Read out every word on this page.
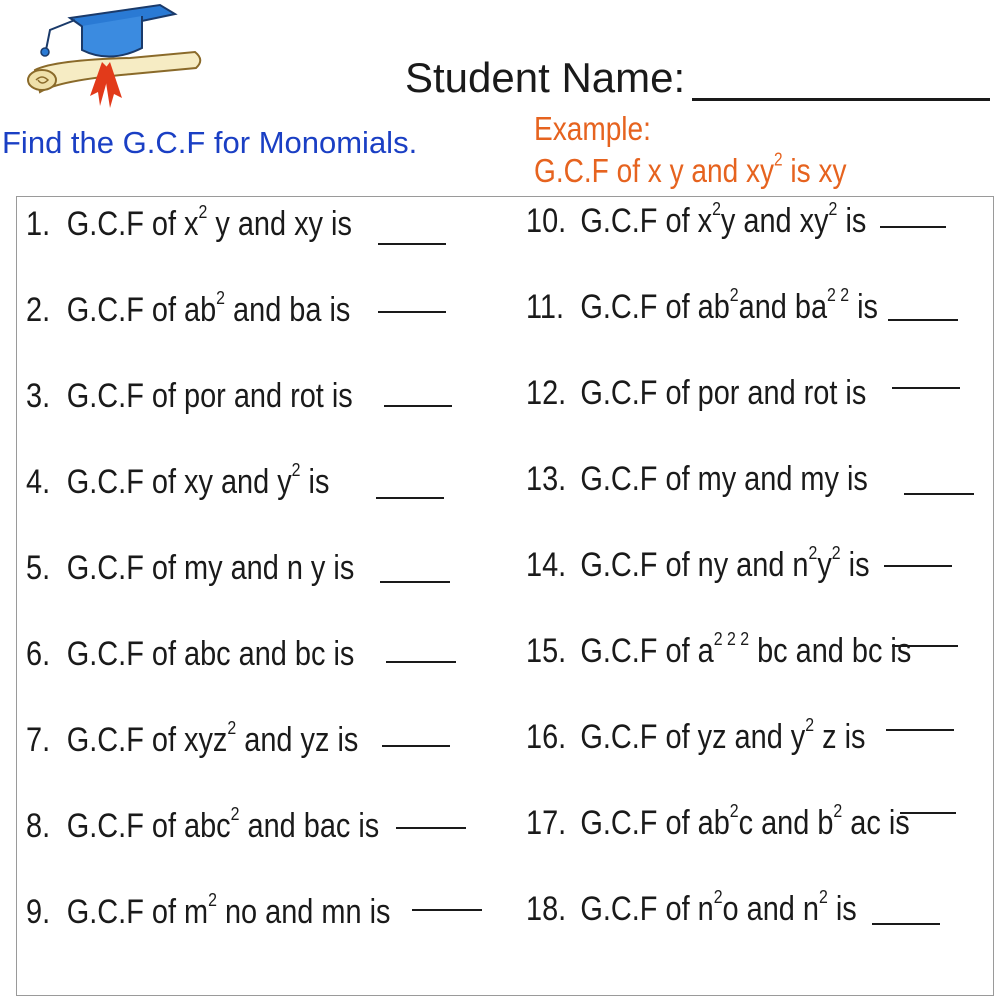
Student Name:
Find the G.C.F for Monomials.	Example:
G.C.F of x y and $xy^2$ is xy
1. G.C.F of $x^2$ y and xy is
2. G.C.F of $ab^2$ and ba is
3. G.C.F of por and rot is
4. G.C.F of xy and $y^2$ is
5. G.C.F of my and n y is
6. G.C.F of abc and bc is
7. G.C.F of xyz$^2$ and yz is
8. G.C.F of abc$^2$ and bac is
9. G.C.F of $m^2$ no and mn is
10. G.C.F of $x^2y$ and $xy^2$ is
11. G.C.F of $ab^2and$ $ba^{2 2}$ is
12. G.C.F of por and rot is
13. G.C.F of my and my is
14. G.C.F of ny and $n^2y^2$ is
15. G.C.F of $a^{2 2 2}$ bc and bc is
16. G.C.F of yz and $y^2$ z is
17. G.C.F of $ab^2c$ and $b^2$ ac is
18. G.C.F of $n^2o$ and $n^2$ is
